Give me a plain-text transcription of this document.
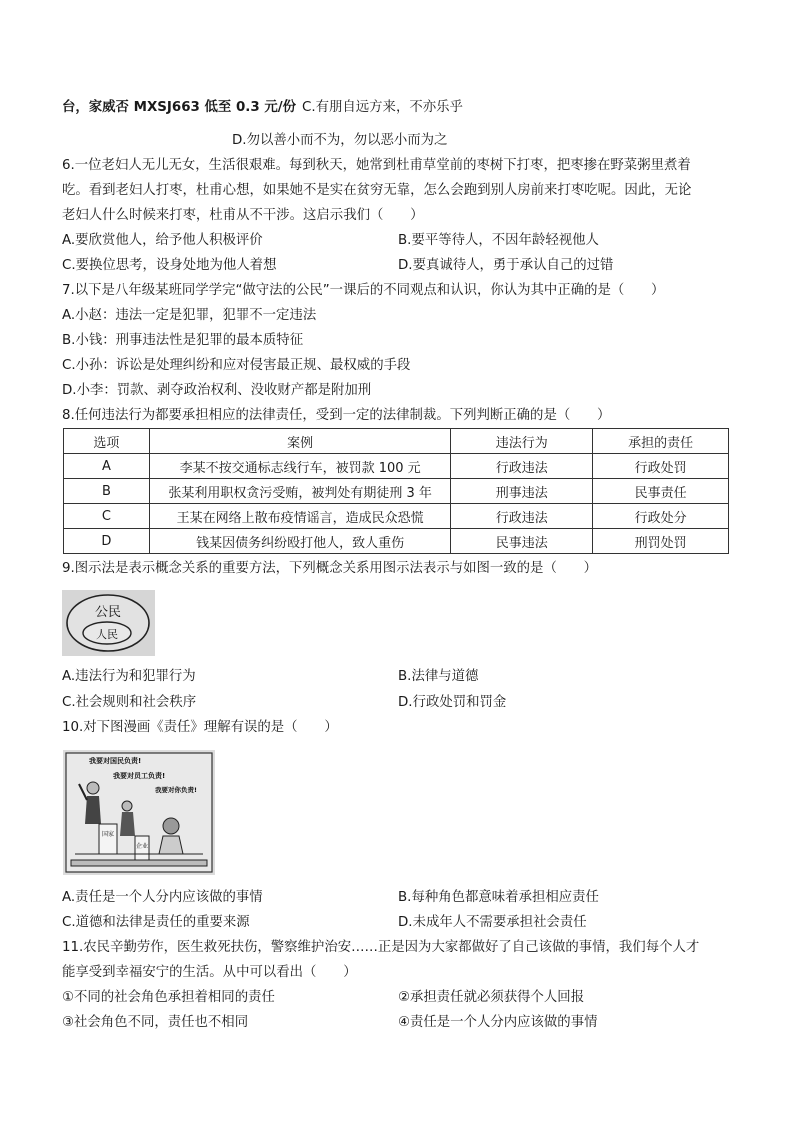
台，家威否 MXSJ663 低至 0.3 元/份 C.有朋自远方来，不亦乐乎
D.勿以善小而不为，勿以恶小而为之
6.一位老妇人无儿无女，生活很艰难。每到秋天，她常到杜甫草堂前的枣树下打枣，把枣掺在野菜粥里煮着
吃。看到老妇人打枣，杜甫心想，如果她不是实在贫穷无靠，怎么会跑到别人房前来打枣吃呢。因此，无论
老妇人什么时候来打枣，杜甫从不干涉。这启示我们（　　）
A.要欣赏他人，给予他人积极评价	B.要平等待人，不因年龄轻视他人
C.要换位思考，设身处地为他人着想	D.要真诚待人，勇于承认自己的过错
7.以下是八年级某班同学学完“做守法的公民”一课后的不同观点和认识，你认为其中正确的是（　　）
A.小赵：违法一定是犯罪，犯罪不一定违法
B.小钱：刑事违法性是犯罪的最本质特征
C.小孙：诉讼是处理纠纷和应对侵害最正规、最权威的手段
D.小李：罚款、剥夺政治权利、没收财产都是附加刑
8.任何违法行为都要承担相应的法律责任，受到一定的法律制裁。下列判断正确的是（　　）
选项	案例	违法行为	承担的责任
A	李某不按交通标志线行车，被罚款 100 元	行政违法	行政处罚
B	张某利用职权贪污受贿，被判处有期徒刑 3 年	刑事违法	民事责任
C	王某在网络上散布疫情谣言，造成民众恐慌	行政违法	行政处分
D	钱某因债务纠纷殴打他人，致人重伤	民事违法	刑罚处罚
9.图示法是表示概念关系的重要方法，下列概念关系用图示法表示与如图一致的是（　　）
公民
人民
A.违法行为和犯罪行为	B.法律与道德
C.社会规则和社会秩序	D.行政处罚和罚金
10.对下图漫画《责任》理解有误的是（　　）
我要对国民负责!
我要对员工负责!
我要对你负责!
国家
企业
A.责任是一个人分内应该做的事情	B.每种角色都意味着承担相应责任
C.道德和法律是责任的重要来源	D.未成年人不需要承担社会责任
11.农民辛勤劳作，医生救死扶伤，警察维护治安……正是因为大家都做好了自己该做的事情，我们每个人才
能享受到幸福安宁的生活。从中可以看出（　　）
①不同的社会角色承担着相同的责任	②承担责任就必须获得个人回报
③社会角色不同，责任也不相同	④责任是一个人分内应该做的事情
